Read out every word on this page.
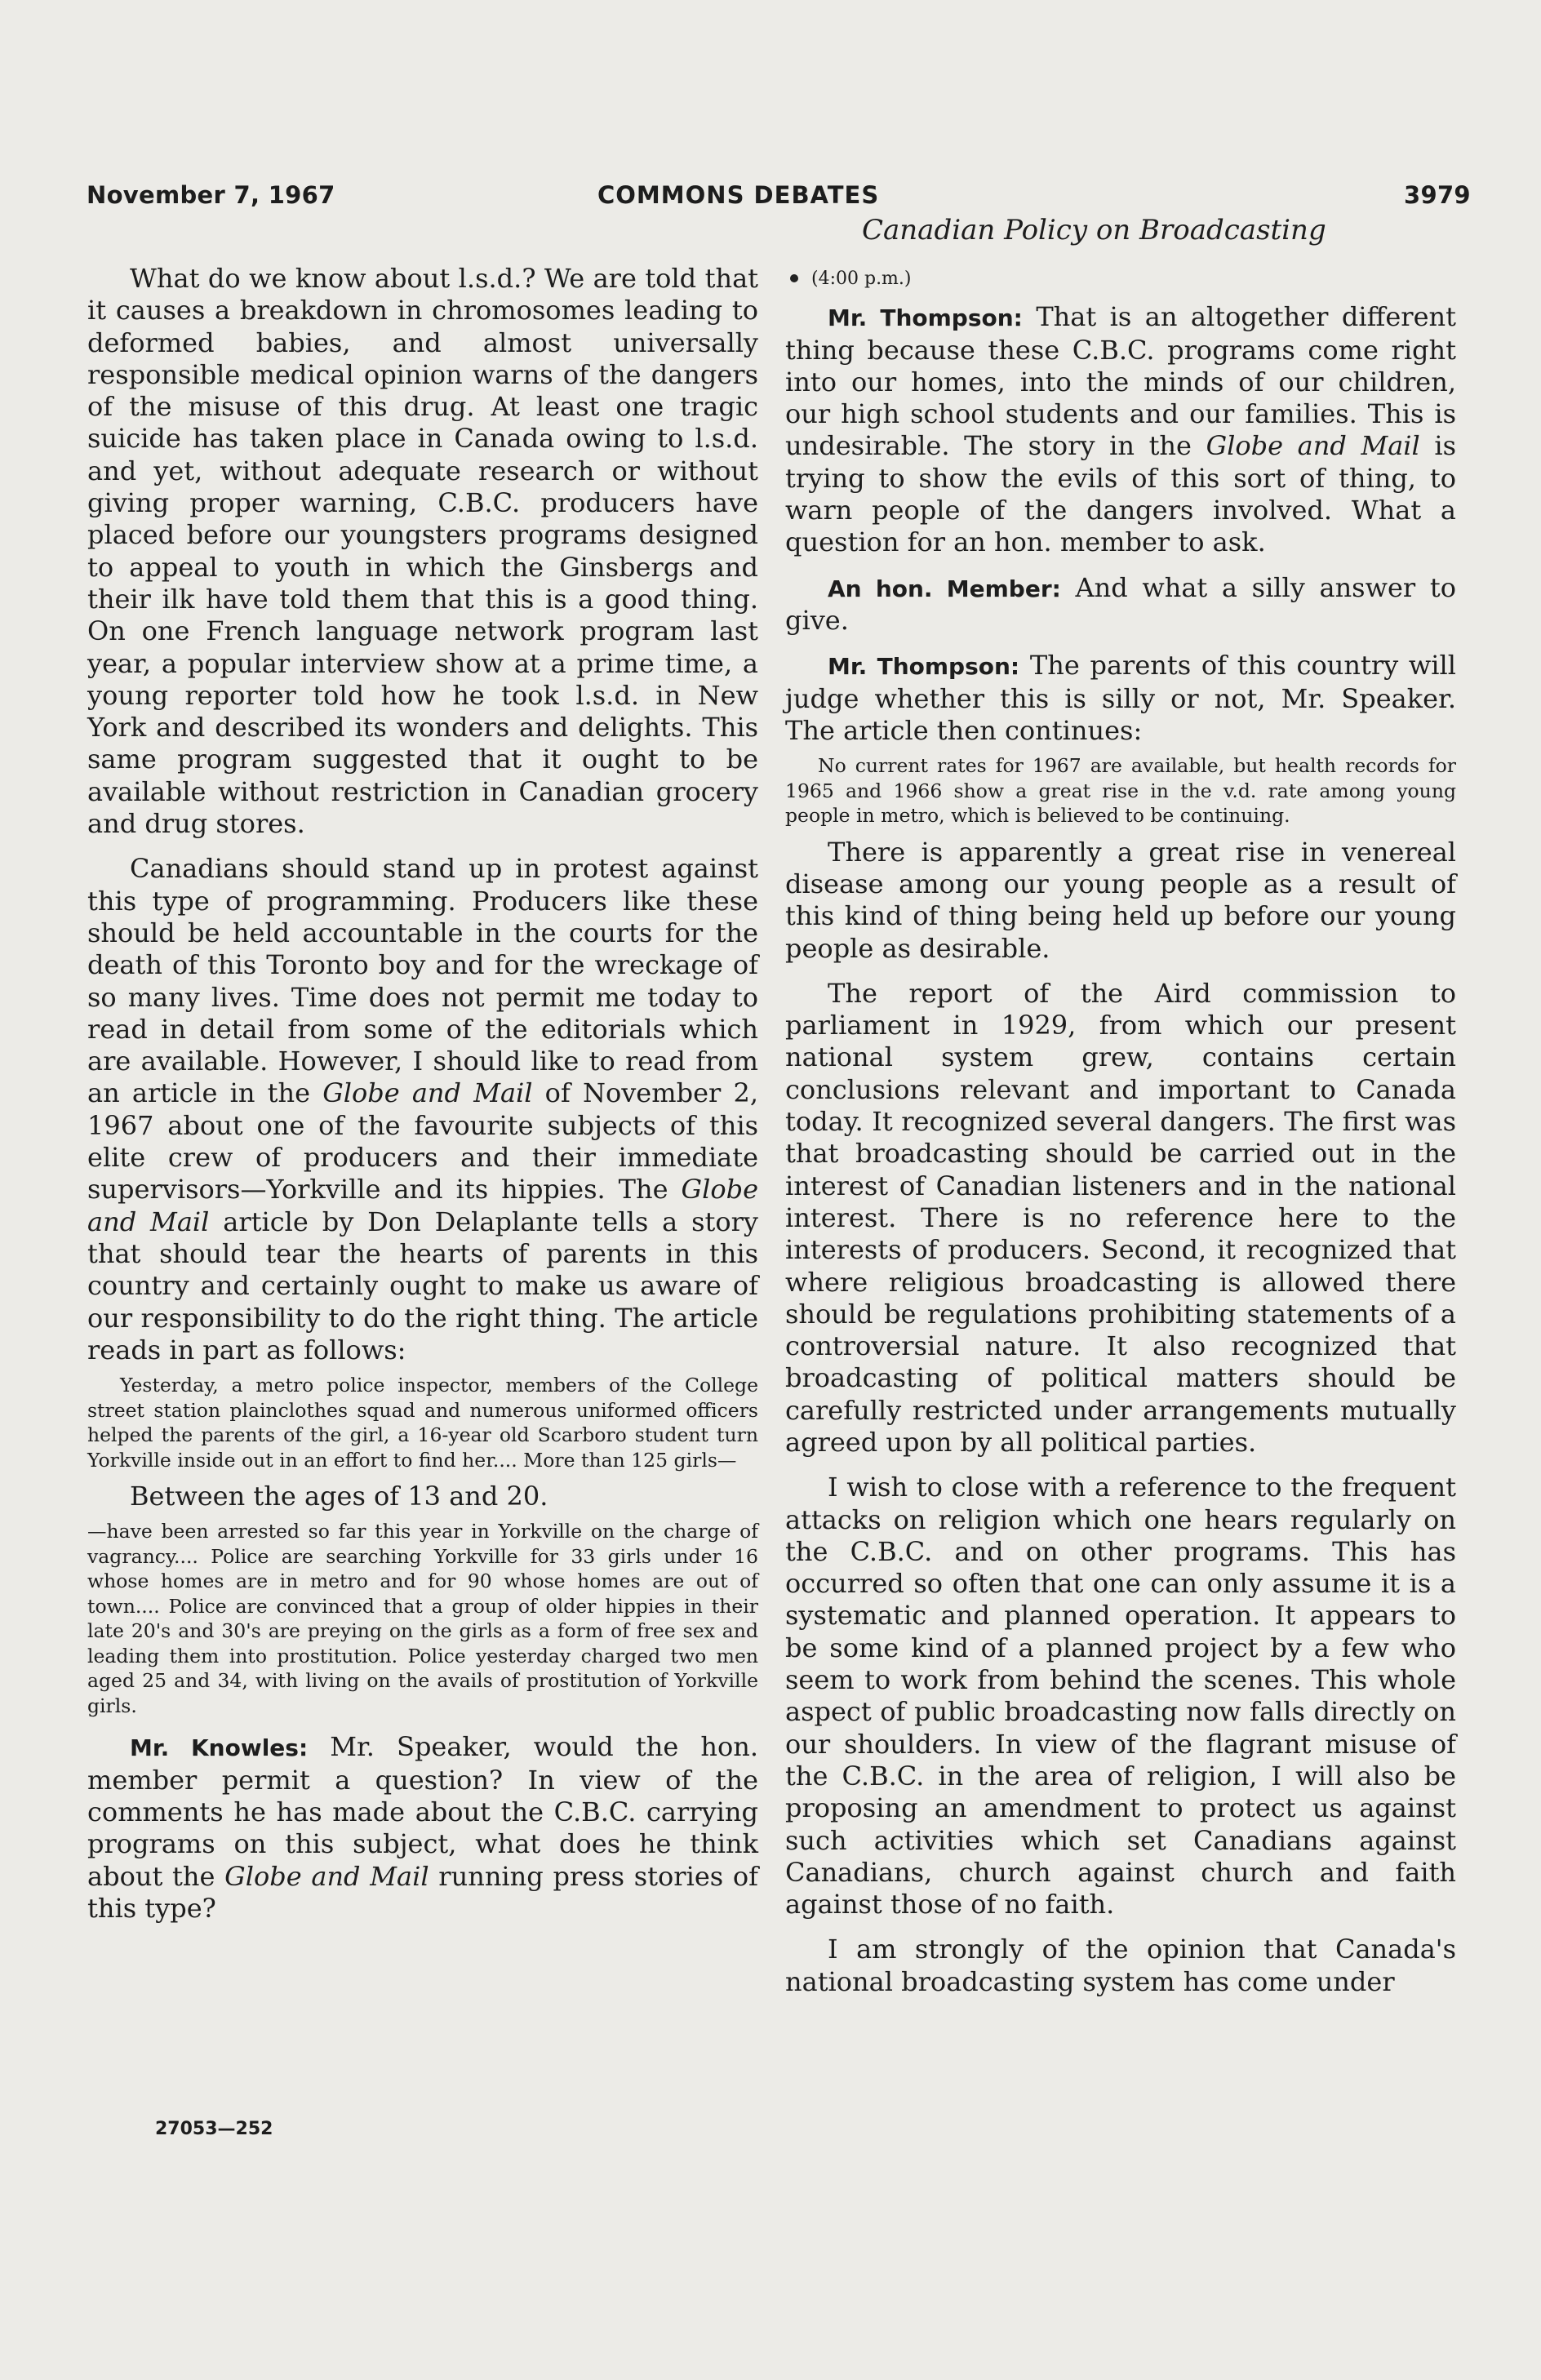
November 7, 1967	COMMONS DEBATES	3979
Canadian Policy on Broadcasting

What do we know about l.s.d.? We are told that it causes a breakdown in chromosomes leading to deformed babies, and almost universally responsible medical opinion warns of the dangers of the misuse of this drug. At least one tragic suicide has taken place in Canada owing to l.s.d. and yet, without adequate research or without giving proper warning, C.B.C. producers have placed before our youngsters programs designed to appeal to youth in which the Ginsbergs and their ilk have told them that this is a good thing. On one French language network program last year, a popular interview show at a prime time, a young reporter told how he took l.s.d. in New York and described its wonders and delights. This same program suggested that it ought to be available without restriction in Canadian grocery and drug stores.

Canadians should stand up in protest against this type of programming. Producers like these should be held accountable in the courts for the death of this Toronto boy and for the wreckage of so many lives. Time does not permit me today to read in detail from some of the editorials which are available. However, I should like to read from an article in the Globe and Mail of November 2, 1967 about one of the favourite subjects of this elite crew of producers and their immediate supervisors—Yorkville and its hippies. The Globe and Mail article by Don Delaplante tells a story that should tear the hearts of parents in this country and certainly ought to make us aware of our responsibility to do the right thing. The article reads in part as follows:

Yesterday, a metro police inspector, members of the College street station plainclothes squad and numerous uniformed officers helped the parents of the girl, a 16-year old Scarboro student turn Yorkville inside out in an effort to find her.... More than 125 girls—

Between the ages of 13 and 20.

—have been arrested so far this year in Yorkville on the charge of vagrancy.... Police are searching Yorkville for 33 girls under 16 whose homes are in metro and for 90 whose homes are out of town.... Police are convinced that a group of older hippies in their late 20's and 30's are preying on the girls as a form of free sex and leading them into prostitution. Police yesterday charged two men aged 25 and 34, with living on the avails of prostitution of Yorkville girls.

Mr. Knowles: Mr. Speaker, would the hon. member permit a question? In view of the comments he has made about the C.B.C. carrying programs on this subject, what does he think about the Globe and Mail running press stories of this type?

(4:00 p.m.)

Mr. Thompson: That is an altogether different thing because these C.B.C. programs come right into our homes, into the minds of our children, our high school students and our families. This is undesirable. The story in the Globe and Mail is trying to show the evils of this sort of thing, to warn people of the dangers involved. What a question for an hon. member to ask.

An hon. Member: And what a silly answer to give.

Mr. Thompson: The parents of this country will judge whether this is silly or not, Mr. Speaker. The article then continues:

No current rates for 1967 are available, but health records for 1965 and 1966 show a great rise in the v.d. rate among young people in metro, which is believed to be continuing.

There is apparently a great rise in venereal disease among our young people as a result of this kind of thing being held up before our young people as desirable.

The report of the Aird commission to parliament in 1929, from which our present national system grew, contains certain conclusions relevant and important to Canada today. It recognized several dangers. The first was that broadcasting should be carried out in the interest of Canadian listeners and in the national interest. There is no reference here to the interests of producers. Second, it recognized that where religious broadcasting is allowed there should be regulations prohibiting statements of a controversial nature. It also recognized that broadcasting of political matters should be carefully restricted under arrangements mutually agreed upon by all political parties.

I wish to close with a reference to the frequent attacks on religion which one hears regularly on the C.B.C. and on other programs. This has occurred so often that one can only assume it is a systematic and planned operation. It appears to be some kind of a planned project by a few who seem to work from behind the scenes. This whole aspect of public broadcasting now falls directly on our shoulders. In view of the flagrant misuse of the C.B.C. in the area of religion, I will also be proposing an amendment to protect us against such activities which set Canadians against Canadians, church against church and faith against those of no faith.

I am strongly of the opinion that Canada's national broadcasting system has come under

27053—252
